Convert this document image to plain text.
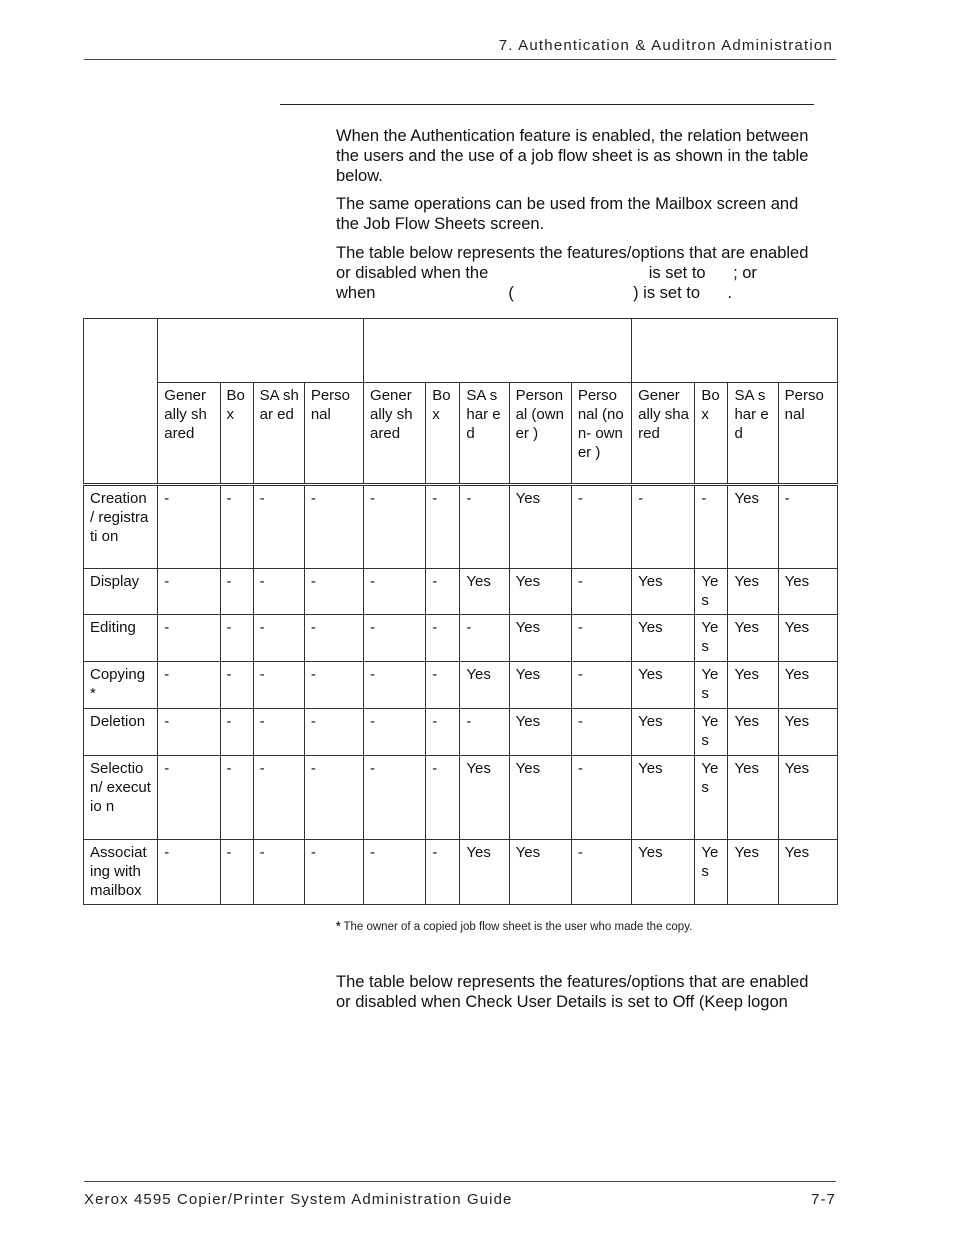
7. Authentication & Auditron Administration
When the Authentication feature is enabled, the relation between
the users and the use of a job flow sheet is as shown in the table
below.
The same operations can be used from the Mailbox screen and
the Job Flow Sheets screen.
The table below represents the features/options that are enabled
or disabled when the                                   is set to      ; or
when                             (                          ) is set to      .

	Gener ally shared	Bo x	SA shar ed	Perso nal	Gener ally shared	Bo x	SA shar ed	Person al (owner )	Perso nal (non- owner )	Gener ally shared	Bo x	SA shar ed	Perso nal
Creation / registrati on	-	-	-	-	-	-	-	Yes	-	-	-	Yes	-
Display	-	-	-	-	-	-	Yes	Yes	-	Yes	Ye s	Yes	Yes
Editing	-	-	-	-	-	-	-	Yes	-	Yes	Ye s	Yes	Yes
Copying *	-	-	-	-	-	-	Yes	Yes	-	Yes	Ye s	Yes	Yes
Deletion	-	-	-	-	-	-	-	Yes	-	Yes	Ye s	Yes	Yes
Selectio n/ executio n	-	-	-	-	-	-	Yes	Yes	-	Yes	Ye s	Yes	Yes
Associat ing with mailbox	-	-	-	-	-	-	Yes	Yes	-	Yes	Ye s	Yes	Yes
* The owner of a copied job flow sheet is the user who made the copy.
The table below represents the features/options that are enabled
or disabled when Check User Details is set to Off (Keep logon
Xerox 4595 Copier/Printer System Administration Guide	7-7
